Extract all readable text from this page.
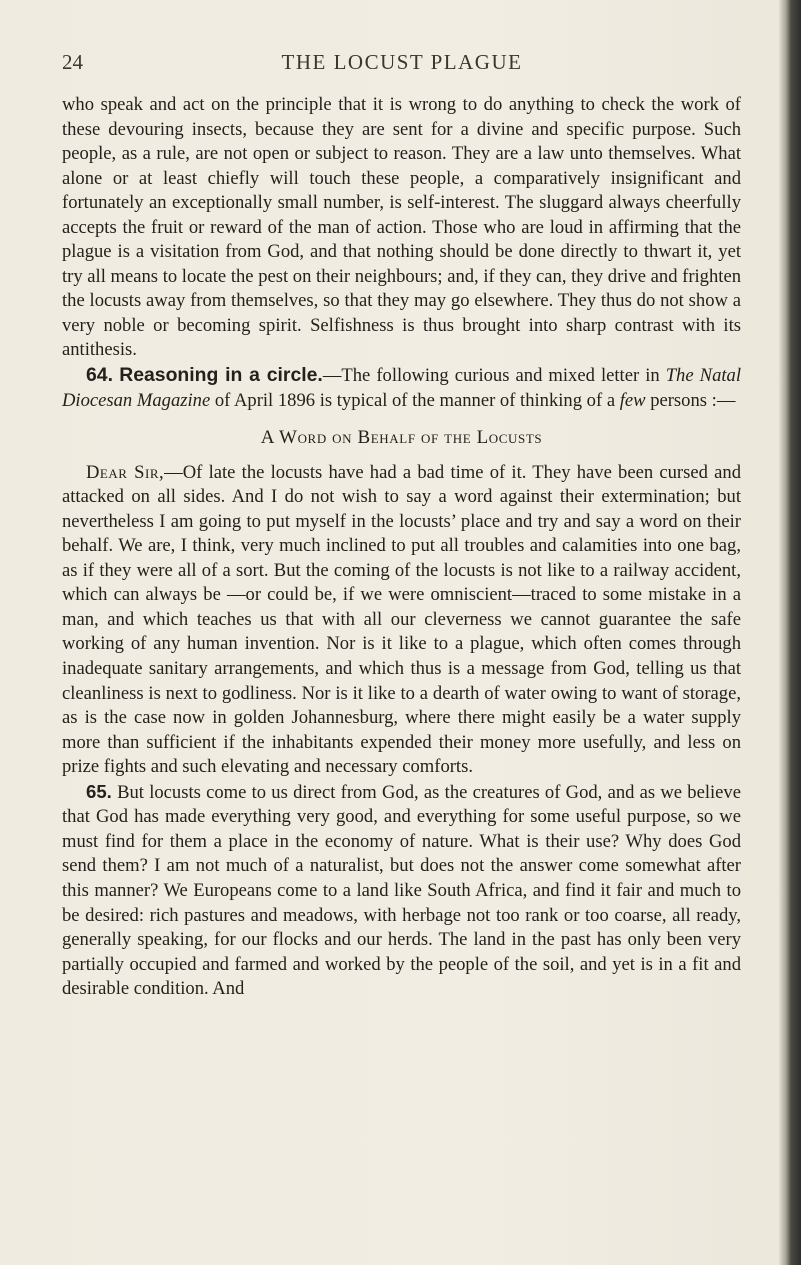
24	THE LOCUST PLAGUE

who speak and act on the principle that it is wrong to do anything to check the work of these devouring insects, because they are sent for a divine and specific purpose. Such people, as a rule, are not open or subject to reason. They are a law unto themselves. What alone or at least chiefly will touch these people, a comparatively insignificant and fortunately an exceptionally small number, is self-interest. The sluggard always cheerfully accepts the fruit or reward of the man of action. Those who are loud in affirming that the plague is a visitation from God, and that nothing should be done directly to thwart it, yet try all means to locate the pest on their neighbours; and, if they can, they drive and frighten the locusts away from themselves, so that they may go elsewhere. They thus do not show a very noble or becoming spirit. Selfishness is thus brought into sharp contrast with its antithesis.

64. Reasoning in a circle.—The following curious and mixed letter in The Natal Diocesan Magazine of April 1896 is typical of the manner of thinking of a few persons :—

A Word on Behalf of the Locusts

Dear Sir,—Of late the locusts have had a bad time of it. They have been cursed and attacked on all sides. And I do not wish to say a word against their extermination; but nevertheless I am going to put myself in the locusts’ place and try and say a word on their behalf. We are, I think, very much inclined to put all troubles and calamities into one bag, as if they were all of a sort. But the coming of the locusts is not like to a railway accident, which can always be —or could be, if we were omniscient—traced to some mistake in a man, and which teaches us that with all our cleverness we cannot guarantee the safe working of any human invention. Nor is it like to a plague, which often comes through inadequate sanitary arrangements, and which thus is a message from God, telling us that cleanliness is next to godliness. Nor is it like to a dearth of water owing to want of storage, as is the case now in golden Johannesburg, where there might easily be a water supply more than sufficient if the inhabitants expended their money more usefully, and less on prize fights and such elevating and necessary comforts.

65. But locusts come to us direct from God, as the creatures of God, and as we believe that God has made everything very good, and everything for some useful purpose, so we must find for them a place in the economy of nature. What is their use? Why does God send them? I am not much of a naturalist, but does not the answer come somewhat after this manner? We Europeans come to a land like South Africa, and find it fair and much to be desired: rich pastures and meadows, with herbage not too rank or too coarse, all ready, generally speaking, for our flocks and our herds. The land in the past has only been very partially occupied and farmed and worked by the people of the soil, and yet is in a fit and desirable condition. And
